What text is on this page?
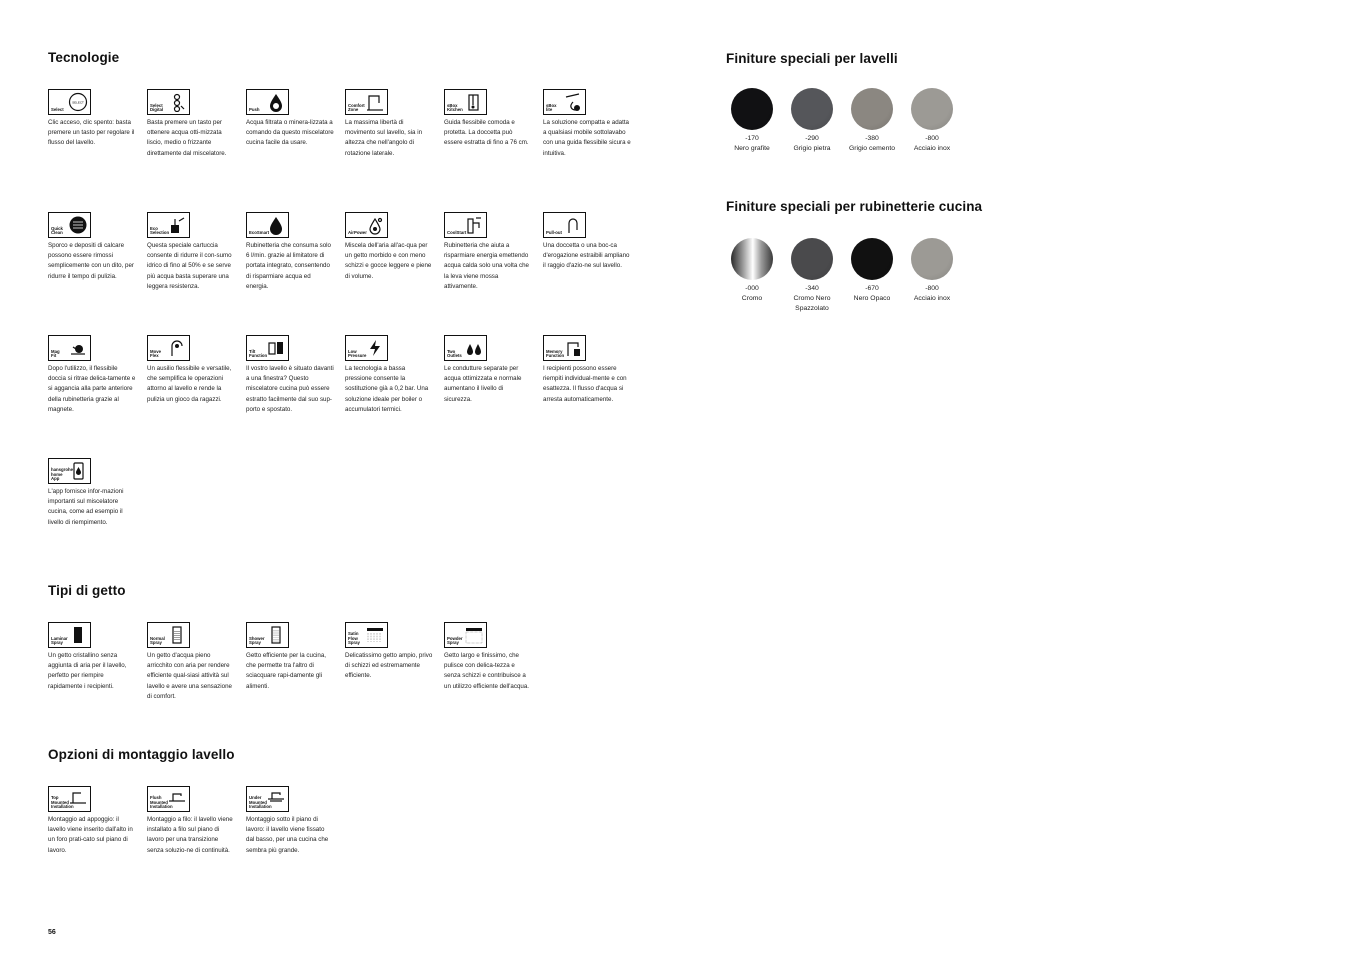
Tecnologie
Select
SELECT
Clic acceso, clic spento: basta premere un tasto per regolare il flusso del lavello.
Select
Digital
Basta premere un tasto per ottenere acqua otti-mizzata liscio, medio o frizzante direttamente dal miscelatore.
Push
Acqua filtrata o minera-lizzata a comando da questo miscelatore cucina facile da usare.
Comfort
Zone
La massima libertà di movimento sul lavello, sia in altezza che nell'angolo di rotazione laterale.
sBox
Kitchen
Guida flessibile comoda e protetta. La doccetta può essere estratta di fino a 76 cm.
sBox
lite
La soluzione compatta e adatta a qualsiasi mobile sottolavabo con una guida flessibile sicura e intuitiva.
Quick
Clean
Sporco e depositi di calcare possono essere rimossi semplicemente con un dito, per ridurre il tempo di pulizia.
Eco
Selection
Questa speciale cartuccia consente di ridurre il con-sumo idrico di fino al 50% e se serve più acqua basta superare una leggera resistenza.
EcoSmart
Rubinetteria che consuma solo 6 l/min. grazie al limitatore di portata integrato, consentendo di risparmiare acqua ed energia.
AirPower
Miscela dell'aria all'ac-qua per un getto morbido e con meno schizzi e gocce leggere e piene di volume.
CoolStart
Rubinetteria che aiuta a risparmiare energia emettendo acqua calda solo una volta che la leva viene mossa attivamente.
Pull-out
Una doccetta o una boc-ca d'erogazione estraibili ampliano il raggio d'azio-ne sul lavello.
Mag
Fit
Dopo l'utilizzo, il flessibile doccia si ritrae delica-tamente e si aggancia alla parte anteriore della rubinetteria grazie al magnete.
Move
Flex
Un ausilio flessibile e versatile, che semplifica le operazioni attorno al lavello e rende la pulizia un gioco da ragazzi.
Tilt
Function
Il vostro lavello è situato davanti a una finestra? Questo miscelatore cucina può essere estratto facilmente dal suo sup-porto e spostato.
Low
Pressure
La tecnologia a bassa pressione consente la sostituzione già a 0,2 bar. Una soluzione ideale per boiler o accumulatori termici.
Two
Outlets
Le condutture separate per acqua ottimizzata e normale aumentano il livello di sicurezza.
Memory
Function
I recipienti possono essere riempiti individual-mente e con esattezza. Il flusso d'acqua si arresta automaticamente.
hansgrohe
home App
L'app fornisce infor-mazioni importanti sul miscelatore cucina, come ad esempio il livello di riempimento.
Tipi di getto
Laminar
Spray
Un getto cristallino senza aggiunta di aria per il lavello, perfetto per riempire rapidamente i recipienti.
Normal
Spray
Un getto d'acqua pieno arricchito con aria per rendere efficiente qual-siasi attività sul lavello e avere una sensazione di comfort.
Shower
Spray
Getto efficiente per la cucina, che permette tra l'altro di sciacquare rapi-damente gli alimenti.
Satin
Flow
Spray
Delicatissimo getto ampio, privo di schizzi ed estremamente efficiente.
Powder
Spray
Getto largo e finissimo, che pulisce con delica-tezza e senza schizzi e contribuisce a un utilizzo efficiente dell'acqua.
Opzioni di montaggio lavello
Top
Mounted
Installation
Montaggio ad appoggio: il lavello viene inserito dall'alto in un foro prati-cato sul piano di lavoro.
Flush
Mounted
Installation
Montaggio a filo: il lavello viene installato a filo sul piano di lavoro per una transizione senza soluzio-ne di continuità.
Under
Mounted
Installation
Montaggio sotto il piano di lavoro: il lavello viene fissato dal basso, per una cucina che sembra più grande.
56
Finiture speciali per lavelli
-170
Nero grafite
-290
Grigio pietra
-380
Grigio cemento
-800
Acciaio inox
Finiture speciali per rubinetterie cucina
-000
Cromo
-340
Cromo Nero
Spazzolato
-670
Nero Opaco
-800
Acciaio inox
